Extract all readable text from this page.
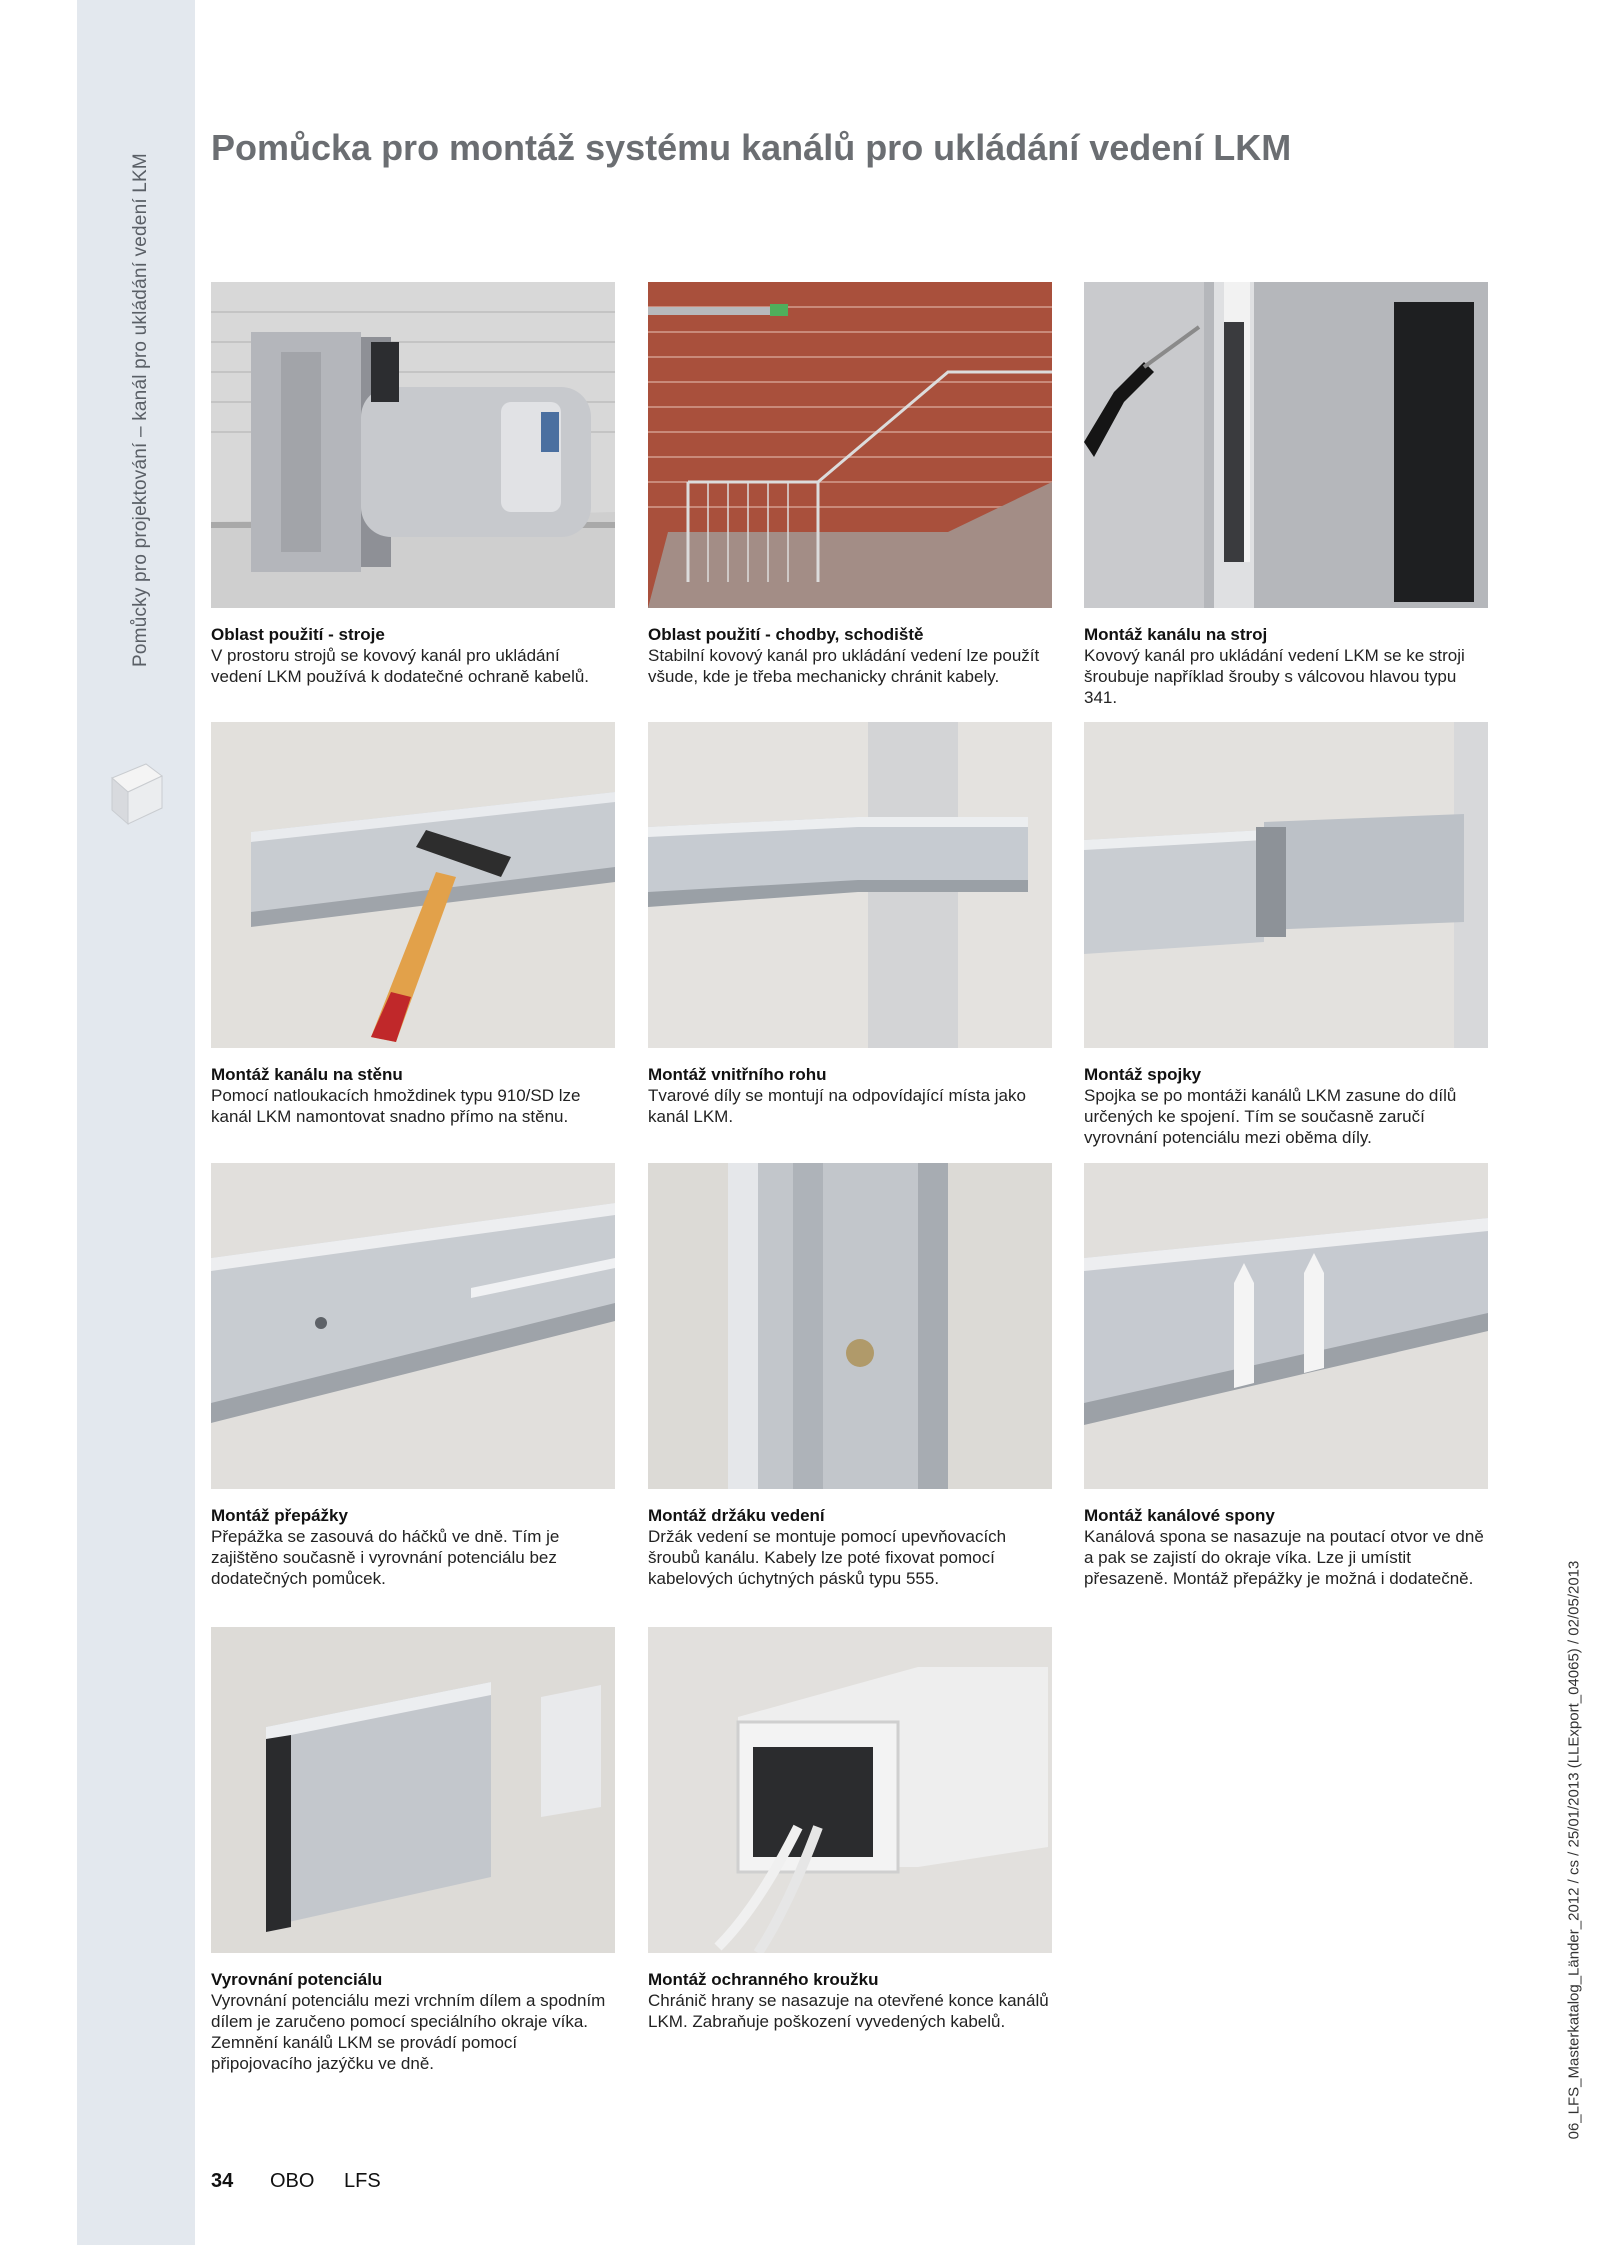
Pomůcky pro projektování – kanál pro ukládání vedení LKM
Pomůcka pro montáž systému kanálů pro ukládání vedení LKM
Oblast použití - stroje
V prostoru strojů se kovový kanál pro ukládání vedení LKM používá k dodatečné ochraně kabelů.
Oblast použití - chodby, schodiště
Stabilní kovový kanál pro ukládání vedení lze použít všude, kde je třeba mechanicky chránit kabely.
Montáž kanálu na stroj
Kovový kanál pro ukládání vedení LKM se ke stroji šroubuje například šrouby s válcovou hlavou typu 341.
Montáž kanálu na stěnu
Pomocí natloukacích hmoždinek typu 910/SD lze kanál LKM namontovat snadno přímo na stěnu.
Montáž vnitřního rohu
Tvarové díly se montují na odpovídající místa jako kanál LKM.
Montáž spojky
Spojka se po montáži kanálů LKM zasune do dílů určených ke spojení. Tím se současně zaručí vyrovnání potenciálu mezi oběma díly.
Montáž přepážky
Přepážka se zasouvá do háčků ve dně. Tím je zajištěno současně i vyrovnání potenciálu bez dodatečných pomůcek.
Montáž držáku vedení
Držák vedení se montuje pomocí upevňovacích šroubů kanálu. Kabely lze poté fixovat pomocí kabelových úchytných pásků typu 555.
Montáž kanálové spony
Kanálová spona se nasazuje na poutací otvor ve dně a pak se zajistí do okraje víka. Lze ji umístit přesazeně. Montáž přepážky je možná i dodatečně.
Vyrovnání potenciálu
Vyrovnání potenciálu mezi vrchním dílem a spodním dílem je zaručeno pomocí speciálního okraje víka. Zemnění kanálů LKM se provádí pomocí připojovacího jazýčku ve dně.
Montáž ochranného kroužku
Chránič hrany se nasazuje na otevřené konce kanálů LKM. Zabraňuje poškození vyvedených kabelů.	06_LFS_Masterkatalog_Länder_2012 / cs / 25/01/2013 (LLExport_04065) / 02/05/2013
34 OBO LFS
